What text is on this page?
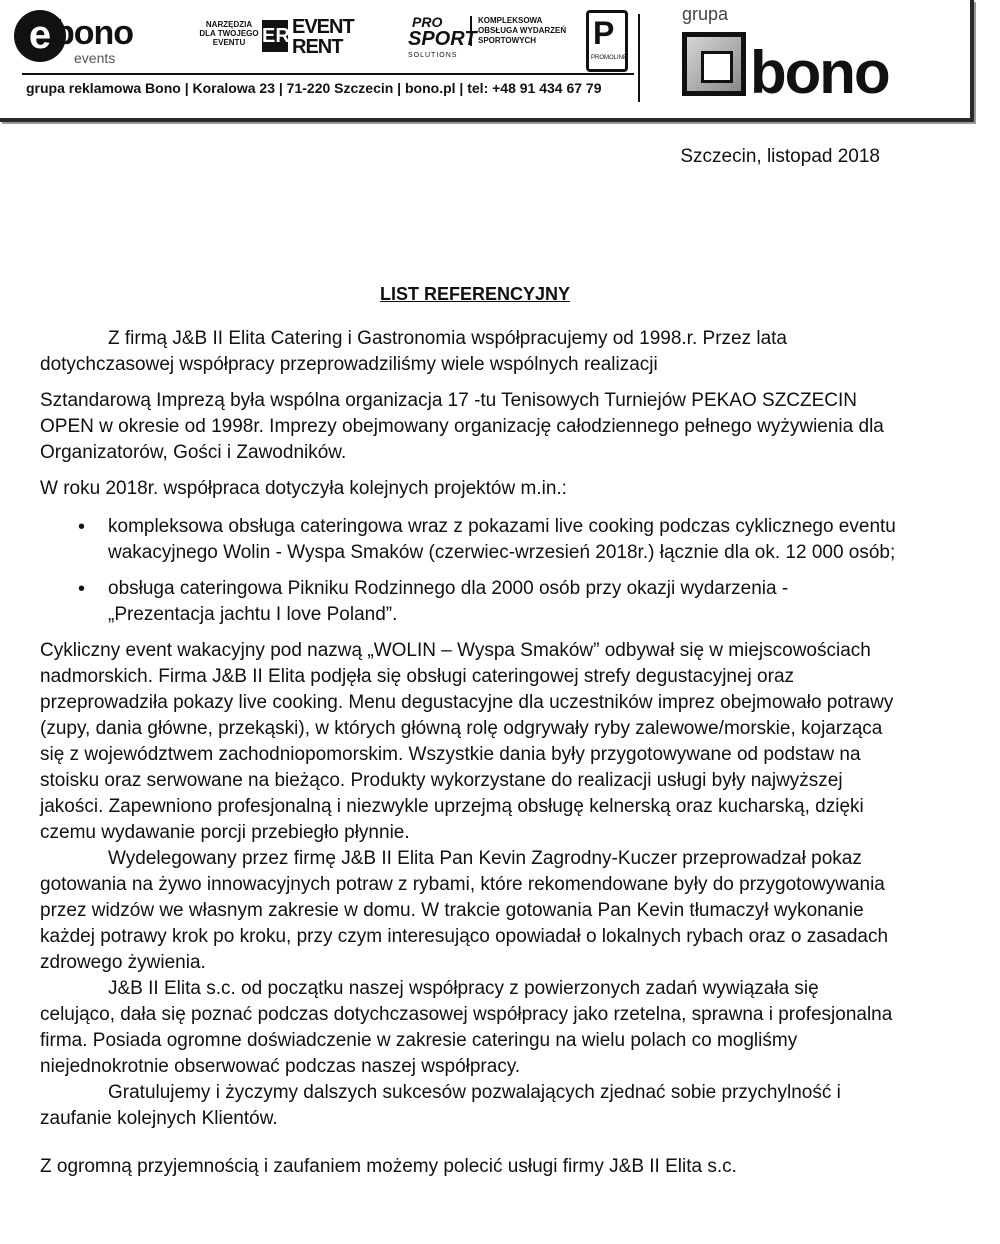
e bono
events
NARZĘDZIA DLA TWOJEGO EVENTU ER EVENT
RENT
PRO
SPORT
SOLUTIONS
KOMPLEKSOWA OBSŁUGA WYDARZEŃ SPORTOWYCH	P
PROMOLINE
grupa
bono
grupa reklamowa Bono | Koralowa 23 | 71-220 Szczecin | bono.pl | tel: +48 91 434 67 79
Szczecin, listopad 2018
LIST REFERENCYJNY

Z firmą J&B II Elita Catering i Gastronomia współpracujemy od 1998.r. Przez lata dotychczasowej współpracy przeprowadziliśmy wiele wspólnych realizacji

Sztandarową Imprezą była wspólna organizacja 17 -tu Tenisowych Turniejów PEKAO SZCZECIN OPEN w okresie od 1998r. Imprezy obejmowany organizację całodziennego pełnego wyżywienia dla Organizatorów, Gości i Zawodników.

W roku 2018r. współpraca dotyczyła kolejnych projektów m.in.:

• kompleksowa obsługa cateringowa wraz z pokazami live cooking podczas cyklicznego eventu wakacyjnego Wolin - Wyspa Smaków (czerwiec-wrzesień 2018r.) łącznie dla ok. 12 000 osób;
• obsługa cateringowa Pikniku Rodzinnego dla 2000 osób przy okazji wydarzenia - „Prezentacja jachtu I love Poland”.

Cykliczny event wakacyjny pod nazwą „WOLIN – Wyspa Smaków” odbywał się w miejscowościach nadmorskich. Firma J&B II Elita podjęła się obsługi cateringowej strefy degustacyjnej oraz przeprowadziła pokazy live cooking. Menu degustacyjne dla uczestników imprez obejmowało potrawy (zupy, dania główne, przekąski), w których główną rolę odgrywały ryby zalewowe/morskie, kojarząca się z województwem zachodniopomorskim. Wszystkie dania były przygotowywane od podstaw na stoisku oraz serwowane na bieżąco. Produkty wykorzystane do realizacji usługi były najwyższej jakości. Zapewniono profesjonalną i niezwykle uprzejmą obsługę kelnerską oraz kucharską, dzięki czemu wydawanie porcji przebiegło płynnie.

Wydelegowany przez firmę J&B II Elita Pan Kevin Zagrodny-Kuczer przeprowadzał pokaz gotowania na żywo innowacyjnych potraw z rybami, które rekomendowane były do przygotowywania przez widzów we własnym zakresie w domu. W trakcie gotowania Pan Kevin tłumaczył wykonanie każdej potrawy krok po kroku, przy czym interesująco opowiadał o lokalnych rybach oraz o zasadach zdrowego żywienia.

J&B II Elita s.c. od początku naszej współpracy z powierzonych zadań wywiązała się celująco, dała się poznać podczas dotychczasowej współpracy jako rzetelna, sprawna i profesjonalna firma. Posiada ogromne doświadczenie w zakresie cateringu na wielu polach co mogliśmy niejednokrotnie obserwować podczas naszej współpracy.

Gratulujemy i życzymy dalszych sukcesów pozwalających zjednać sobie przychylność i zaufanie kolejnych Klientów.

Z ogromną przyjemnością i zaufaniem możemy polecić usługi firmy J&B II Elita s.c.
